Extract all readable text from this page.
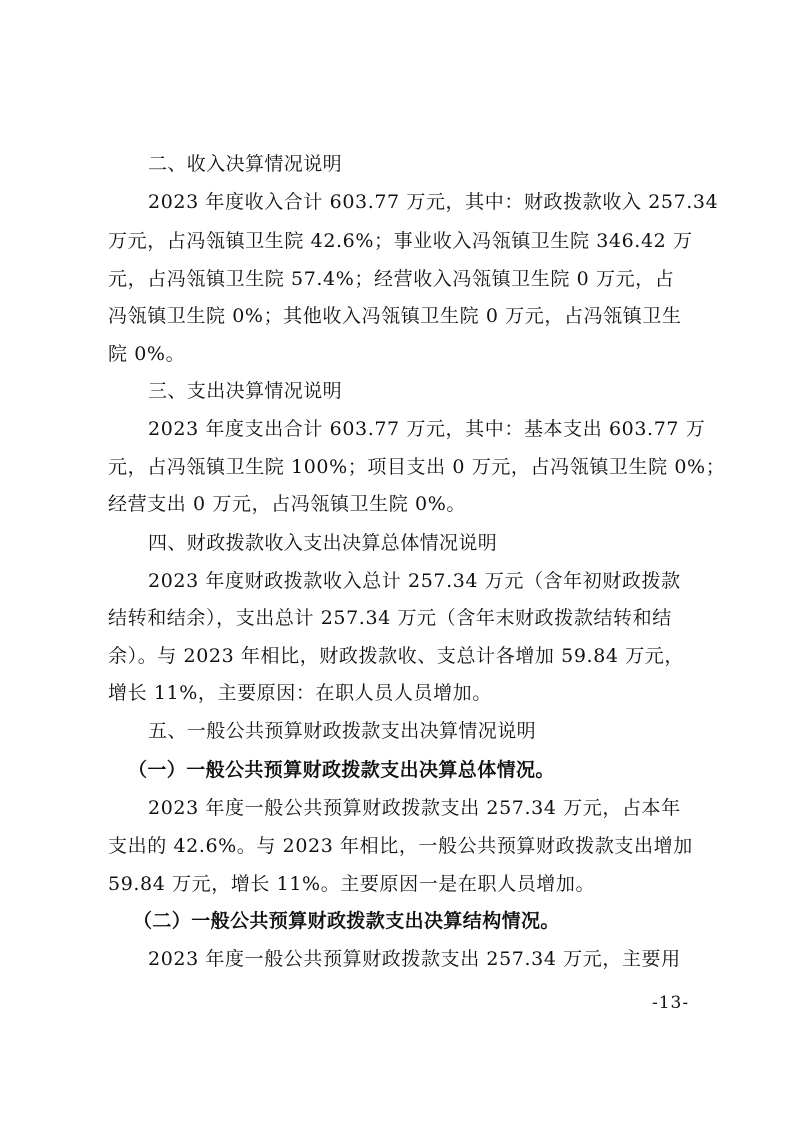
二、收入决算情况说明
2023 年度收入合计 603.77 万元，其中：财政拨款收入 257.34
万元，占冯瓴镇卫生院 42.6%；事业收入冯瓴镇卫生院 346.42 万
元，占冯瓴镇卫生院 57.4%；经营收入冯瓴镇卫生院 0 万元，占
冯瓴镇卫生院 0%；其他收入冯瓴镇卫生院 0 万元，占冯瓴镇卫生
院 0%。
三、支出决算情况说明
2023 年度支出合计 603.77 万元，其中：基本支出 603.77 万
元，占冯瓴镇卫生院 100%；项目支出 0 万元，占冯瓴镇卫生院 0%；
经营支出 0 万元，占冯瓴镇卫生院 0%。
四、财政拨款收入支出决算总体情况说明
2023 年度财政拨款收入总计 257.34 万元（含年初财政拨款
结转和结余），支出总计 257.34 万元（含年末财政拨款结转和结
余）。与 2023 年相比，财政拨款收、支总计各增加 59.84 万元，
增长 11%，主要原因：在职人员人员增加。
五、一般公共预算财政拨款支出决算情况说明
（一）一般公共预算财政拨款支出决算总体情况。
2023 年度一般公共预算财政拨款支出 257.34 万元，占本年
支出的 42.6%。与 2023 年相比，一般公共预算财政拨款支出增加
59.84 万元，增长 11%。主要原因一是在职人员增加。
（二）一般公共预算财政拨款支出决算结构情况。
2023 年度一般公共预算财政拨款支出 257.34 万元，主要用
-13-
